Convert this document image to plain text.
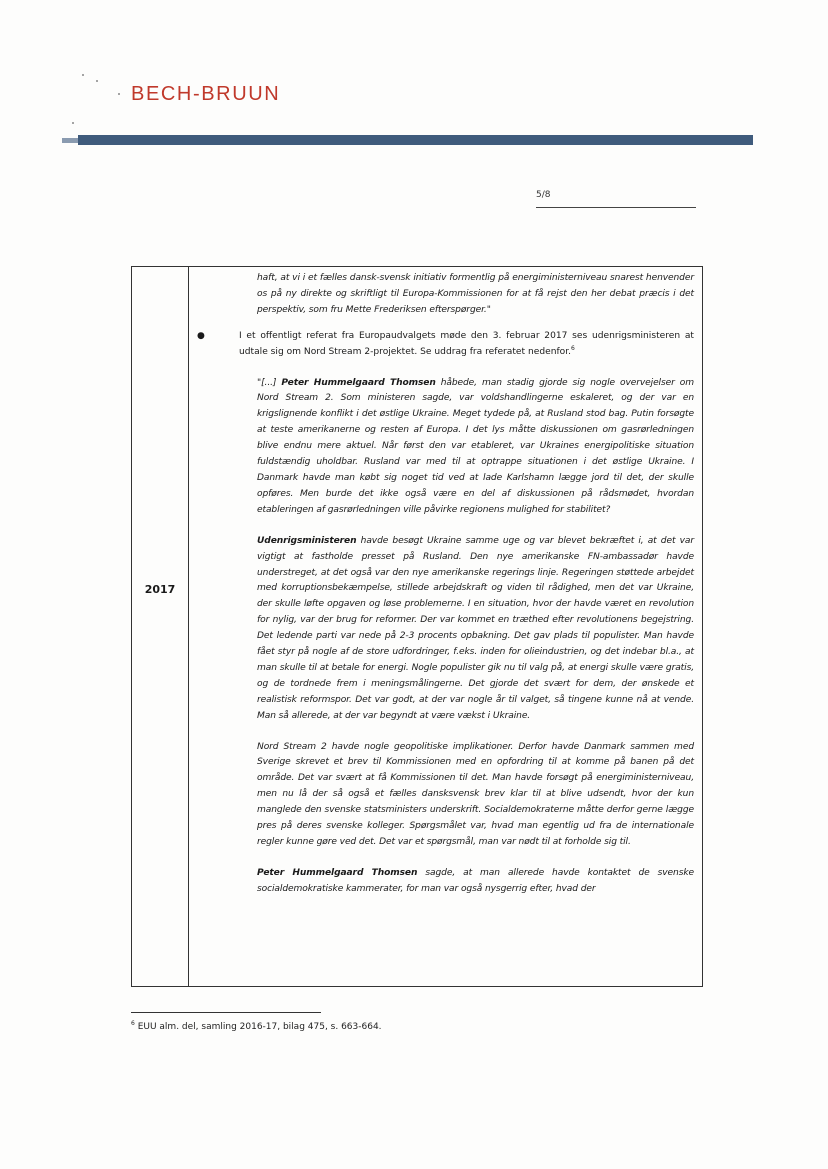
BECH-BRUUN
5/8
2017

haft, at vi i et fælles dansk-svensk initiativ formentlig på energiministerniveau snarest henvender os på ny direkte og skriftligt til Europa-Kommissionen for at få rejst den her debat præcis i det perspektiv, som fru Mette Frederiksen efterspørger."

●	I et offentligt referat fra Europaudvalgets møde den 3. februar 2017 ses udenrigsministeren at udtale sig om Nord Stream 2-projektet. Se uddrag fra referatet nedenfor.$^6$

"[...] Peter Hummelgaard Thomsen håbede, man stadig gjorde sig nogle overvejelser om Nord Stream 2. Som ministeren sagde, var voldshandlingerne eskaleret, og der var en krigslignende konflikt i det østlige Ukraine. Meget tydede på, at Rusland stod bag. Putin forsøgte at teste amerikanerne og resten af Europa. I det lys måtte diskussionen om gasrørledningen blive endnu mere aktuel. Når først den var etableret, var Ukraines energipolitiske situation fuldstændig uholdbar. Rusland var med til at optrappe situationen i det østlige Ukraine. I Danmark havde man købt sig noget tid ved at lade Karlshamn lægge jord til det, der skulle opføres. Men burde det ikke også være en del af diskussionen på rådsmødet, hvordan etableringen af gasrørledningen ville påvirke regionens mulighed for stabilitet?

Udenrigsministeren havde besøgt Ukraine samme uge og var blevet bekræftet i, at det var vigtigt at fastholde presset på Rusland. Den nye amerikanske FN-ambassadør havde understreget, at det også var den nye amerikanske regerings linje. Regeringen støttede arbejdet med korruptionsbekæmpelse, stillede arbejdskraft og viden til rådighed, men det var Ukraine, der skulle løfte opgaven og løse problemerne. I en situation, hvor der havde været en revolution for nylig, var der brug for reformer. Der var kommet en træthed efter revolutionens begejstring. Det ledende parti var nede på 2-3 procents opbakning. Det gav plads til populister. Man havde fået styr på nogle af de store udfordringer, f.eks. inden for olieindustrien, og det indebar bl.a., at man skulle til at betale for energi. Nogle populister gik nu til valg på, at energi skulle være gratis, og de tordnede frem i meningsmålingerne. Det gjorde det svært for dem, der ønskede et realistisk reformspor. Det var godt, at der var nogle år til valget, så tingene kunne nå at vende. Man så allerede, at der var begyndt at være vækst i Ukraine.

Nord Stream 2 havde nogle geopolitiske implikationer. Derfor havde Danmark sammen med Sverige skrevet et brev til Kommissionen med en opfordring til at komme på banen på det område. Det var svært at få Kommissionen til det. Man havde forsøgt på energiministerniveau, men nu lå der så også et fælles dansksvensk brev klar til at blive udsendt, hvor der kun manglede den svenske statsministers underskrift. Socialdemokraterne måtte derfor gerne lægge pres på deres svenske kolleger. Spørgsmålet var, hvad man egentlig ud fra de internationale regler kunne gøre ved det. Det var et spørgsmål, man var nødt til at forholde sig til.

Peter Hummelgaard Thomsen sagde, at man allerede havde kontaktet de svenske socialdemokratiske kammerater, for man var også nysgerrig efter, hvad der

$^6$ EUU alm. del, samling 2016-17, bilag 475, s. 663-664.
